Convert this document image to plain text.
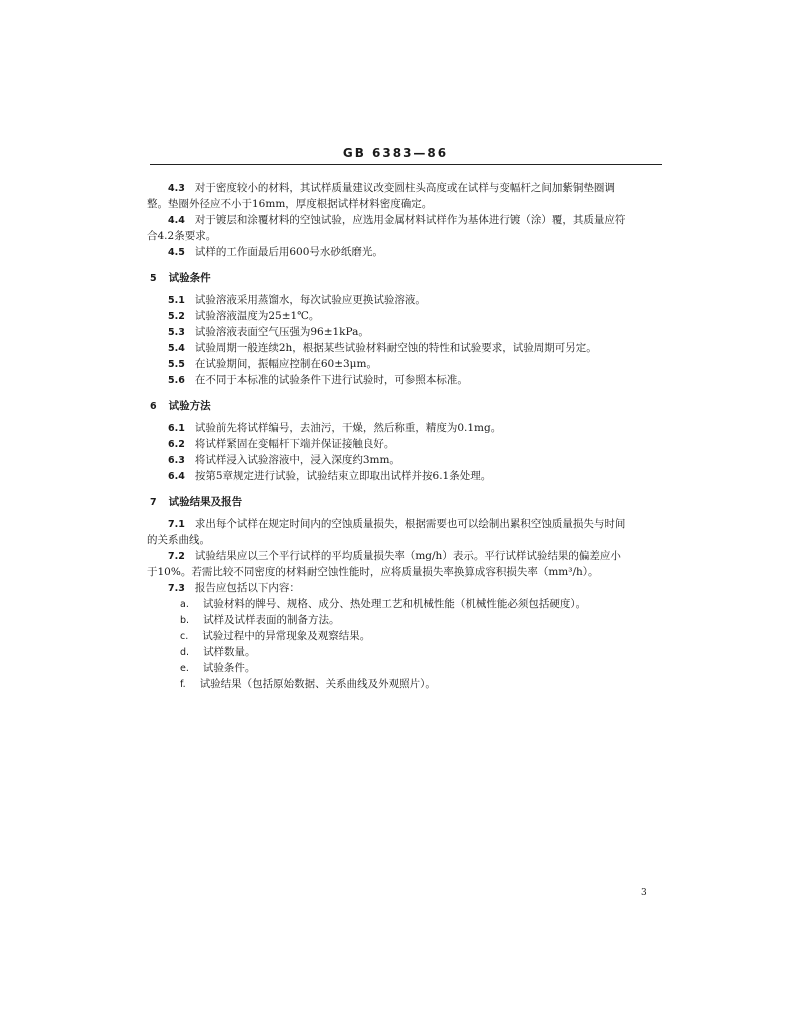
GB 6383—86
4.3 对于密度较小的材料，其试样质量建议改变圆柱头高度或在试样与变幅杆之间加紫铜垫圈调
整。垫圈外径应不小于16mm，厚度根据试样材料密度确定。
4.4 对于镀层和涂覆材料的空蚀试验，应选用金属材料试样作为基体进行镀（涂）覆，其质量应符
合4.2条要求。
4.5 试样的工作面最后用600号水砂纸磨光。
5 试验条件
5.1 试验溶液采用蒸馏水，每次试验应更换试验溶液。
5.2 试验溶液温度为25±1℃。
5.3 试验溶液表面空气压强为96±1kPa。
5.4 试验周期一般连续2h，根据某些试验材料耐空蚀的特性和试验要求，试验周期可另定。
5.5 在试验期间，振幅应控制在60±3μm。
5.6 在不同于本标准的试验条件下进行试验时，可参照本标准。
6 试验方法
6.1 试验前先将试样编号，去油污，干燥，然后称重，精度为0.1mg。
6.2 将试样紧固在变幅杆下端并保证接触良好。
6.3 将试样浸入试验溶液中，浸入深度约3mm。
6.4 按第5章规定进行试验，试验结束立即取出试样并按6.1条处理。
7 试验结果及报告
7.1 求出每个试样在规定时间内的空蚀质量损失，根据需要也可以绘制出累积空蚀质量损失与时间
的关系曲线。
7.2 试验结果应以三个平行试样的平均质量损失率（mg/h）表示。平行试样试验结果的偏差应小
于10%。若需比较不同密度的材料耐空蚀性能时，应将质量损失率换算成容积损失率（mm³/h）。
7.3 报告应包括以下内容：
a. 试验材料的牌号、规格、成分、热处理工艺和机械性能（机械性能必须包括硬度）。
b. 试样及试样表面的制备方法。
c. 试验过程中的异常现象及观察结果。
d. 试样数量。
e. 试验条件。
f. 试验结果（包括原始数据、关系曲线及外观照片）。
3
